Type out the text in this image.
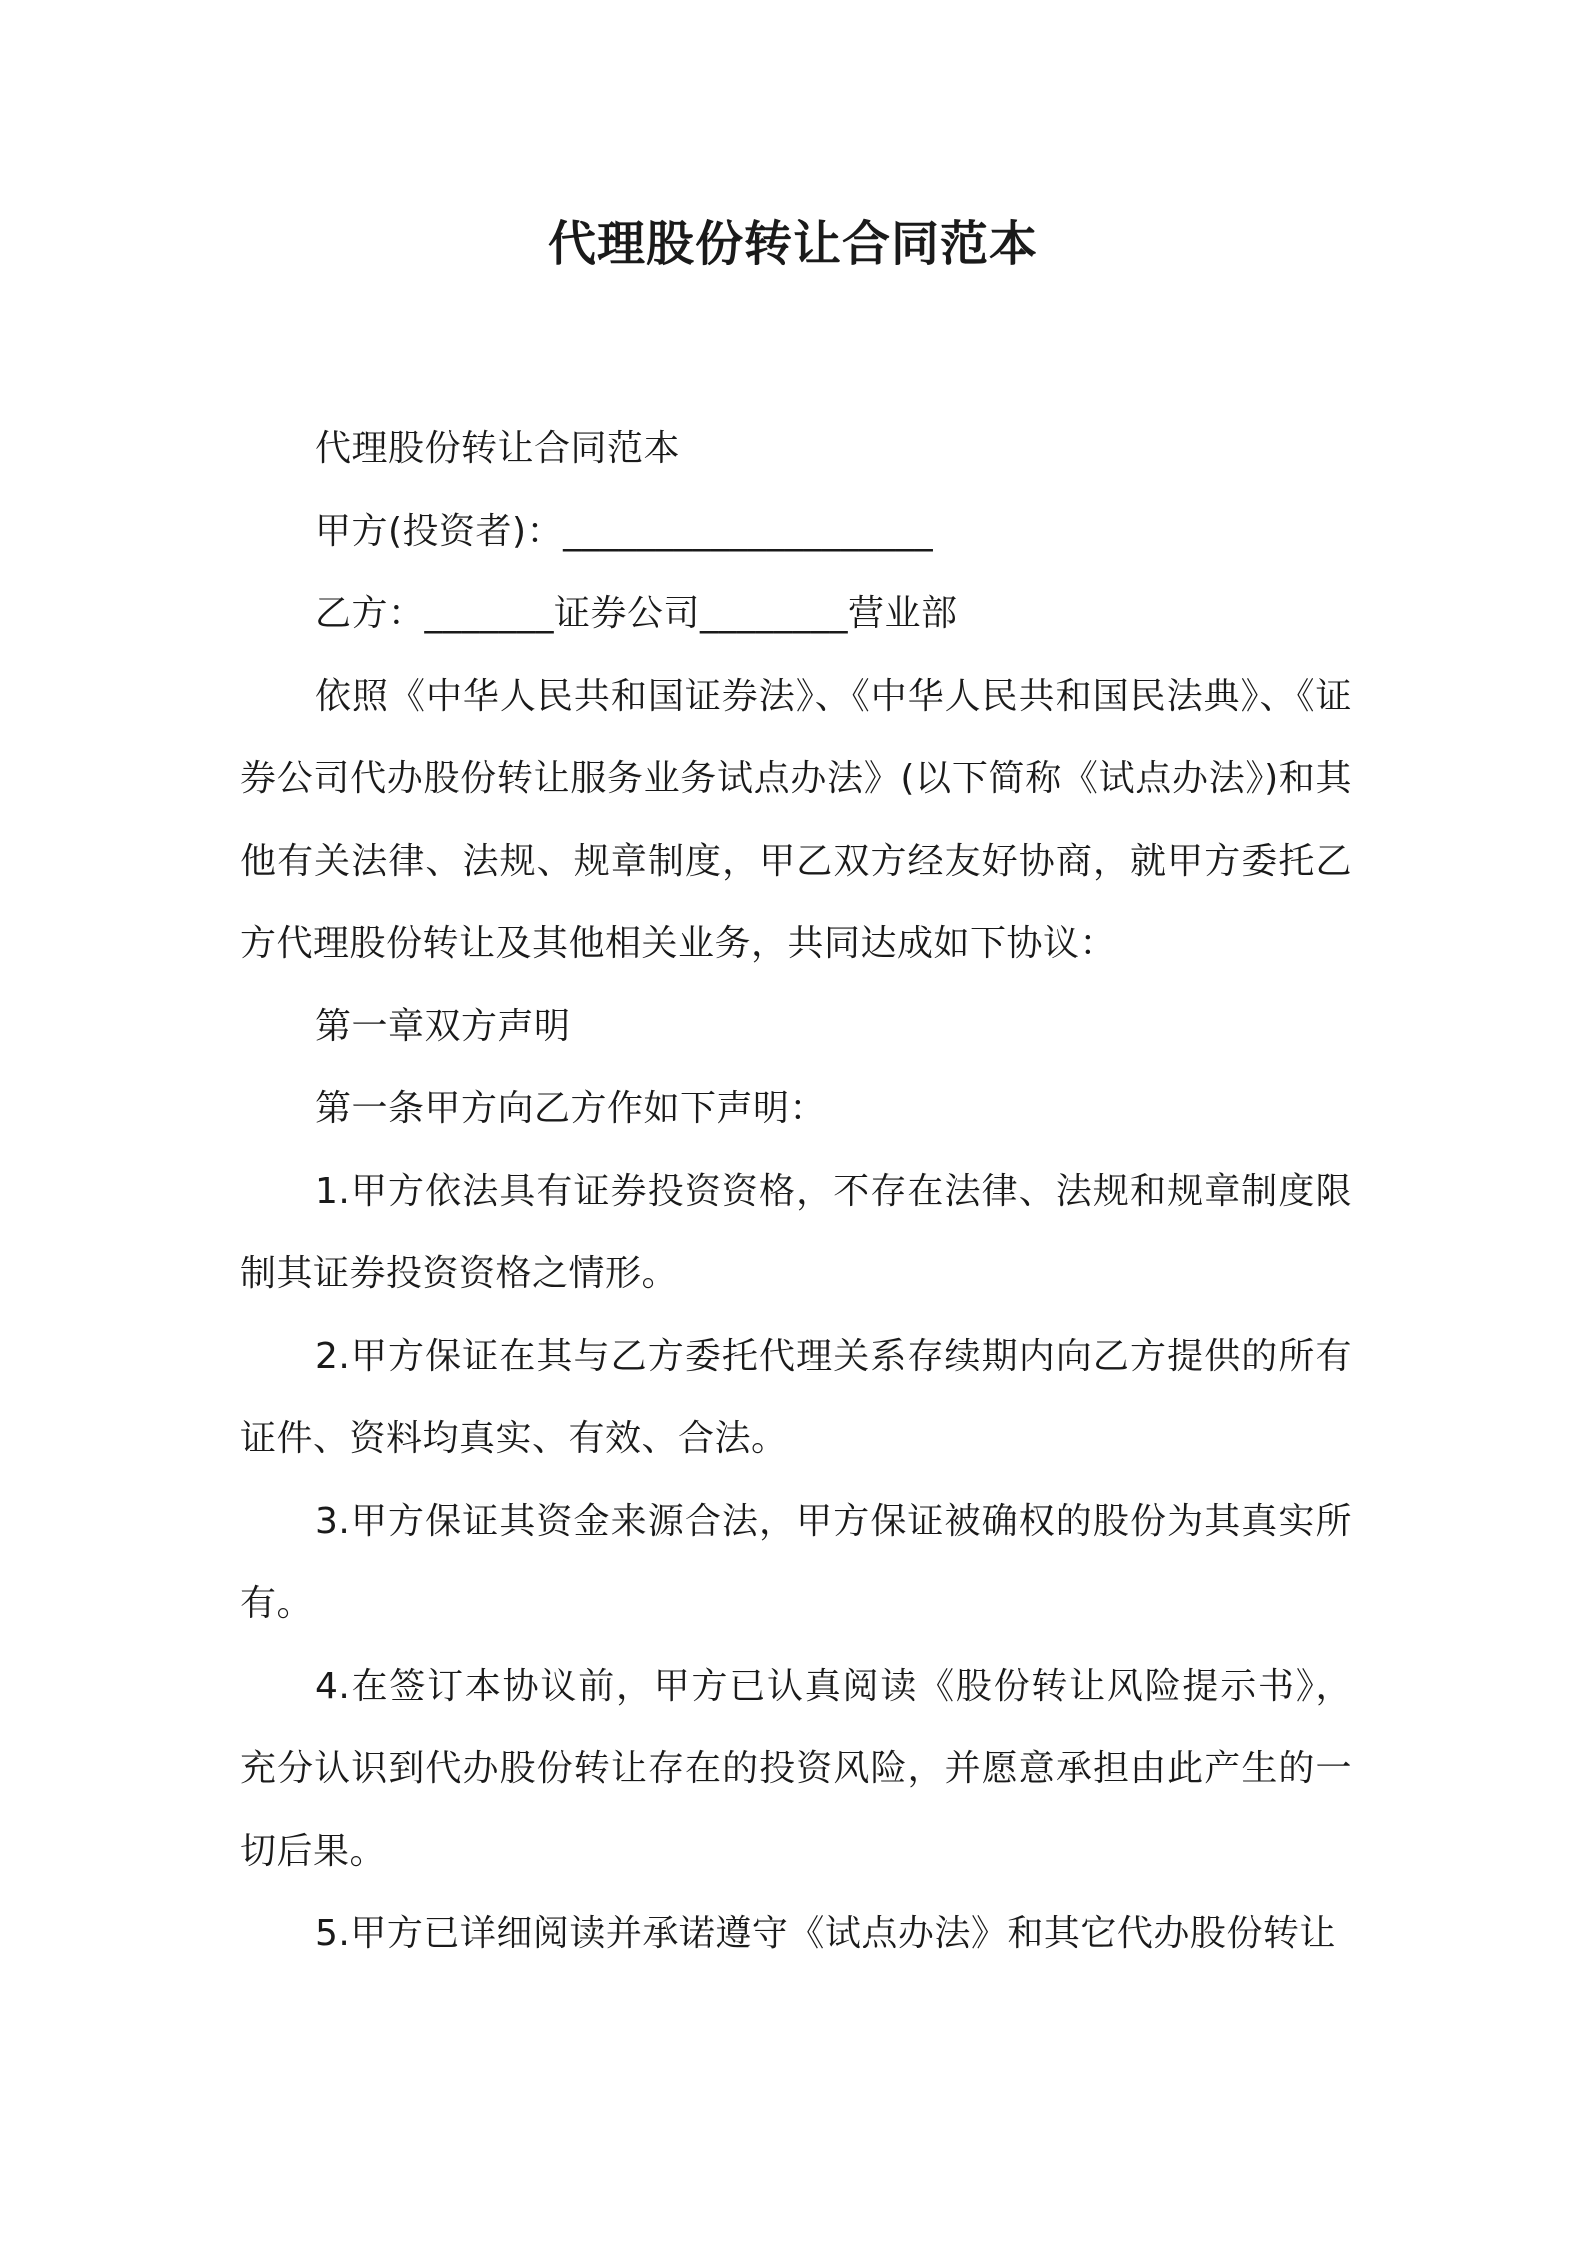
代理股份转让合同范本

代理股份转让合同范本

甲方(投资者)：____________________

乙方：_______证券公司________营业部

依照《中华人民共和国证券法》、《中华人民共和国民法典》、《证券公司代办股份转让服务业务试点办法》(以下简称《试点办法》)和其他有关法律、法规、规章制度，甲乙双方经友好协商，就甲方委托乙方代理股份转让及其他相关业务，共同达成如下协议：

第一章双方声明

第一条甲方向乙方作如下声明：

1.甲方依法具有证券投资资格，不存在法律、法规和规章制度限制其证券投资资格之情形。

2.甲方保证在其与乙方委托代理关系存续期内向乙方提供的所有证件、资料均真实、有效、合法。

3.甲方保证其资金来源合法，甲方保证被确权的股份为其真实所有。

4.在签订本协议前，甲方已认真阅读《股份转让风险提示书》，充分认识到代办股份转让存在的投资风险，并愿意承担由此产生的一切后果。

5.甲方已详细阅读并承诺遵守《试点办法》和其它代办股份转让
